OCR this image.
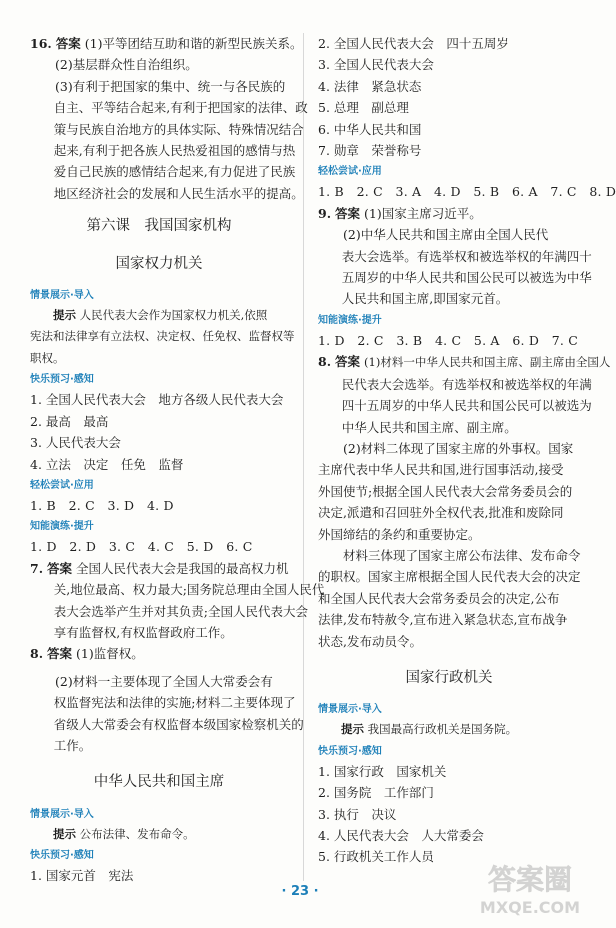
16. 答案 (1)平等团结互助和谐的新型民族关系。
(2)基层群众性自治组织。
(3)有利于把国家的集中、统一与各民族的
自主、平等结合起来,有利于把国家的法律、政
策与民族自治地方的具体实际、特殊情况结合
起来,有利于把各族人民热爱祖国的感情与热
爱自己民族的感情结合起来,有力促进了民族
地区经济社会的发展和人民生活水平的提高。
第六课　我国国家机构
国家权力机关
情景展示·导入
提示 人民代表大会作为国家权力机关,依照
宪法和法律享有立法权、决定权、任免权、监督权等
职权。
快乐预习·感知
1. 全国人民代表大会　地方各级人民代表大会
2. 最高　最高
3. 人民代表大会
4. 立法　决定　任免　监督
轻松尝试·应用
1. B　2. C　3. D　4. D
知能演练·提升
1. D　2. D　3. C　4. C　5. D　6. C
7. 答案 全国人民代表大会是我国的最高权力机
关,地位最高、权力最大;国务院总理由全国人民代
表大会选举产生并对其负责;全国人民代表大会
享有监督权,有权监督政府工作。
8. 答案 (1)监督权。
(2)材料一主要体现了全国人大常委会有
权监督宪法和法律的实施;材料二主要体现了
省级人大常委会有权监督本级国家检察机关的
工作。
中华人民共和国主席
情景展示·导入
提示 公布法律、发布命令。
快乐预习·感知
1. 国家元首　宪法
2. 全国人民代表大会　四十五周岁
3. 全国人民代表大会
4. 法律　紧急状态
5. 总理　副总理
6. 中华人民共和国
7. 勋章　荣誉称号
轻松尝试·应用
1. B　2. C　3. A　4. D　5. B　6. A　7. C　8. D
9. 答案 (1)国家主席习近平。
(2)中华人民共和国主席由全国人民代
表大会选举。有选举权和被选举权的年满四十
五周岁的中华人民共和国公民可以被选为中华
人民共和国主席,即国家元首。
知能演练·提升
1. D　2. C　3. B　4. C　5. A　6. D　7. C
8. 答案 (1)材料一中华人民共和国主席、副主席由全国人
民代表大会选举。有选举权和被选举权的年满
四十五周岁的中华人民共和国公民可以被选为
中华人民共和国主席、副主席。
(2)材料二体现了国家主席的外事权。国家
主席代表中华人民共和国,进行国事活动,接受
外国使节;根据全国人民代表大会常务委员会的
决定,派遣和召回驻外全权代表,批准和废除同
外国缔结的条约和重要协定。
材料三体现了国家主席公布法律、发布命令
的职权。国家主席根据全国人民代表大会的决定
和全国人民代表大会常务委员会的决定,公布
法律,发布特赦令,宣布进入紧急状态,宣布战争
状态,发布动员令。
国家行政机关
情景展示·导入
提示 我国最高行政机关是国务院。
快乐预习·感知
1. 国家行政　国家机关
2. 国务院　工作部门
3. 执行　决议
4. 人民代表大会　人大常委会
5. 行政机关工作人员
· 23 ·	答案圈
MXQE.COM
